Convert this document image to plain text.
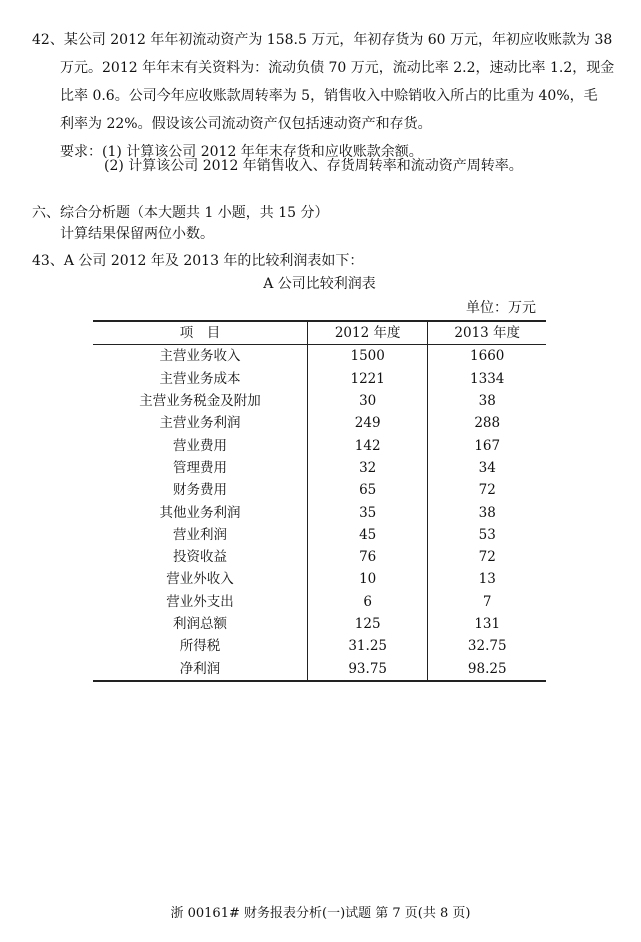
42、某公司 2012 年年初流动资产为 158.5 万元，年初存货为 60 万元，年初应收账款为 38
万元。2012 年年末有关资料为：流动负债 70 万元，流动比率 2.2，速动比率 1.2，现金
比率 0.6。公司今年应收账款周转率为 5，销售收入中赊销收入所占的比重为 40%，毛
利率为 22%。假设该公司流动资产仅包括速动资产和存货。
要求：(1) 计算该公司 2012 年年末存货和应收账款余额。
(2) 计算该公司 2012 年销售收入、存货周转率和流动资产周转率。
六、综合分析题（本大题共 1 小题，共 15 分）
计算结果保留两位小数。
43、A 公司 2012 年及 2013 年的比较利润表如下：
A 公司比较利润表
单位：万元
项　目	2012 年度	2013 年度
主营业务收入	1500	1660
主营业务成本	1221	1334
主营业务税金及附加	30	38
主营业务利润	249	288
营业费用	142	167
管理费用	32	34
财务费用	65	72
其他业务利润	35	38
营业利润	45	53
投资收益	76	72
营业外收入	10	13
营业外支出	6	7
利润总额	125	131
所得税	31.25	32.75
净利润	93.75	98.25
浙 00161# 财务报表分析(一)试题 第 7 页(共 8 页)
